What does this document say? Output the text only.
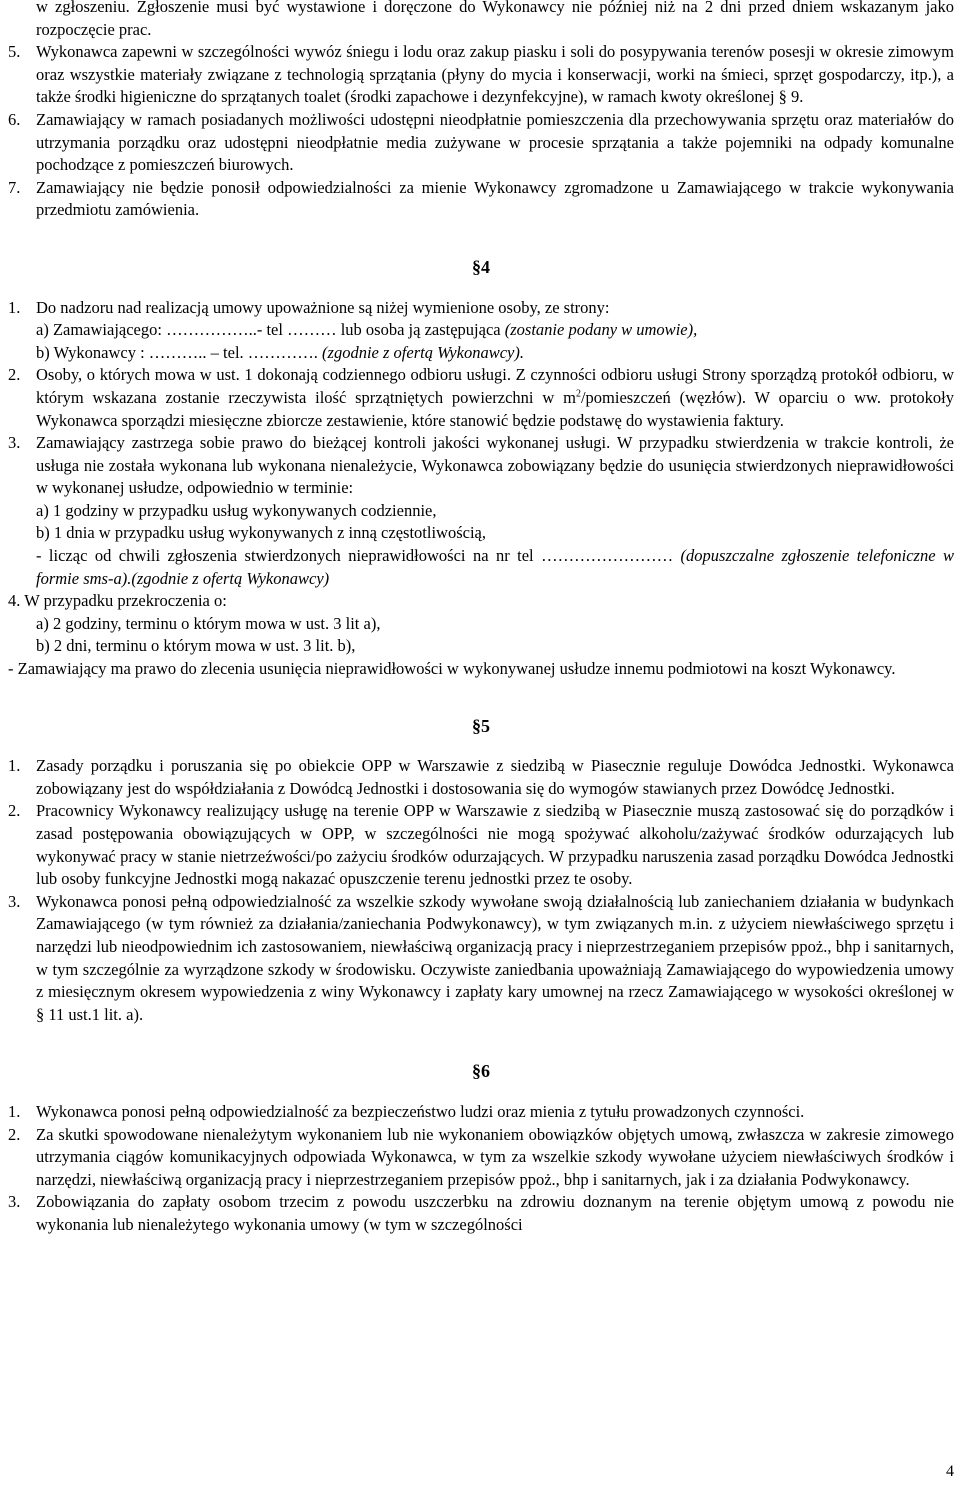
w zgłoszeniu. Zgłoszenie musi być wystawione i doręczone do Wykonawcy nie później niż na 2 dni przed dniem wskazanym jako rozpoczęcie prac.

5. Wykonawca zapewni w szczególności wywóz śniegu i lodu oraz zakup piasku i soli do posypywania terenów posesji w okresie zimowym oraz wszystkie materiały związane z technologią sprzątania (płyny do mycia i konserwacji, worki na śmieci, sprzęt gospodarczy, itp.), a także środki higieniczne do sprzątanych toalet (środki zapachowe i dezynfekcyjne), w ramach kwoty określonej § 9.
6. Zamawiający w ramach posiadanych możliwości udostępni nieodpłatnie pomieszczenia dla przechowywania sprzętu oraz materiałów do utrzymania porządku oraz udostępni nieodpłatnie media zużywane w procesie sprzątania a także pojemniki na odpady komunalne pochodzące z pomieszczeń biurowych.
7. Zamawiający nie będzie ponosił odpowiedzialności za mienie Wykonawcy zgromadzone u Zamawiającego w trakcie wykonywania przedmiotu zamówienia.

§4

1. Do nadzoru nad realizacją umowy upoważnione są niżej wymienione osoby, ze strony:

a) Zamawiającego: ……………..- tel ……… lub osoba ją zastępująca (zostanie podany w umowie),

b) Wykonawcy : ……….. – tel. …………. (zgodnie z ofertą Wykonawcy).

2. Osoby, o których mowa w ust. 1 dokonają codziennego odbioru usługi. Z czynności odbioru usługi Strony sporządzą protokół odbioru, w którym wskazana zostanie rzeczywista ilość sprzątniętych powierzchni w $m^2$/pomieszczeń (węzłów). W oparciu o ww. protokoły Wykonawca sporządzi miesięczne zbiorcze zestawienie, które stanowić będzie podstawę do wystawienia faktury.
3. Zamawiający zastrzega sobie prawo do bieżącej kontroli jakości wykonanej usługi. W przypadku stwierdzenia w trakcie kontroli, że usługa nie została wykonana lub wykonana nienależycie, Wykonawca zobowiązany będzie do usunięcia stwierdzonych nieprawidłowości w wykonanej usłudze, odpowiednio w terminie:

a) 1 godziny w przypadku usług wykonywanych codziennie,

b) 1 dnia w przypadku usług wykonywanych z inną częstotliwością,

- licząc od chwili zgłoszenia stwierdzonych nieprawidłowości na nr tel …………………… (dopuszczalne zgłoszenie telefoniczne w formie sms-a).(zgodnie z ofertą Wykonawcy)

4. W przypadku przekroczenia o:

a) 2 godziny, terminu o którym mowa w ust. 3 lit a),

b) 2 dni, terminu o którym mowa w ust. 3 lit. b),

- Zamawiający ma prawo do zlecenia usunięcia nieprawidłowości w wykonywanej usłudze innemu podmiotowi na koszt Wykonawcy.

§5

1. Zasady porządku i poruszania się po obiekcie OPP w Warszawie z siedzibą w Piasecznie reguluje Dowódca Jednostki. Wykonawca zobowiązany jest do współdziałania z Dowódcą Jednostki i dostosowania się do wymogów stawianych przez Dowódcę Jednostki.
2. Pracownicy Wykonawcy realizujący usługę na terenie OPP w Warszawie z siedzibą w Piasecznie muszą zastosować się do porządków i zasad postępowania obowiązujących w OPP, w szczególności nie mogą spożywać alkoholu/zażywać środków odurzających lub wykonywać pracy w stanie nietrzeźwości/po zażyciu środków odurzających. W przypadku naruszenia zasad porządku Dowódca Jednostki lub osoby funkcyjne Jednostki mogą nakazać opuszczenie terenu jednostki przez te osoby.
3. Wykonawca ponosi pełną odpowiedzialność za wszelkie szkody wywołane swoją działalnością lub zaniechaniem działania w budynkach Zamawiającego (w tym również za działania/zaniechania Podwykonawcy), w tym związanych m.in. z użyciem niewłaściwego sprzętu i narzędzi lub nieodpowiednim ich zastosowaniem, niewłaściwą organizacją pracy i nieprzestrzeganiem przepisów ppoż., bhp i sanitarnych, w tym szczególnie za wyrządzone szkody w środowisku. Oczywiste zaniedbania upoważniają Zamawiającego do wypowiedzenia umowy z miesięcznym okresem wypowiedzenia z winy Wykonawcy i zapłaty kary umownej na rzecz Zamawiającego w wysokości określonej w § 11 ust.1 lit. a).

§6

1. Wykonawca ponosi pełną odpowiedzialność za bezpieczeństwo ludzi oraz mienia z tytułu prowadzonych czynności.
2. Za skutki spowodowane nienależytym wykonaniem lub nie wykonaniem obowiązków objętych umową, zwłaszcza w zakresie zimowego utrzymania ciągów komunikacyjnych odpowiada Wykonawca, w tym za wszelkie szkody wywołane użyciem niewłaściwych środków i narzędzi, niewłaściwą organizacją pracy i nieprzestrzeganiem przepisów ppoż., bhp i sanitarnych, jak i za działania Podwykonawcy.
3. Zobowiązania do zapłaty osobom trzecim z powodu uszczerbku na zdrowiu doznanym na terenie objętym umową z powodu nie wykonania lub nienależytego wykonania umowy (w tym w szczególności
4
